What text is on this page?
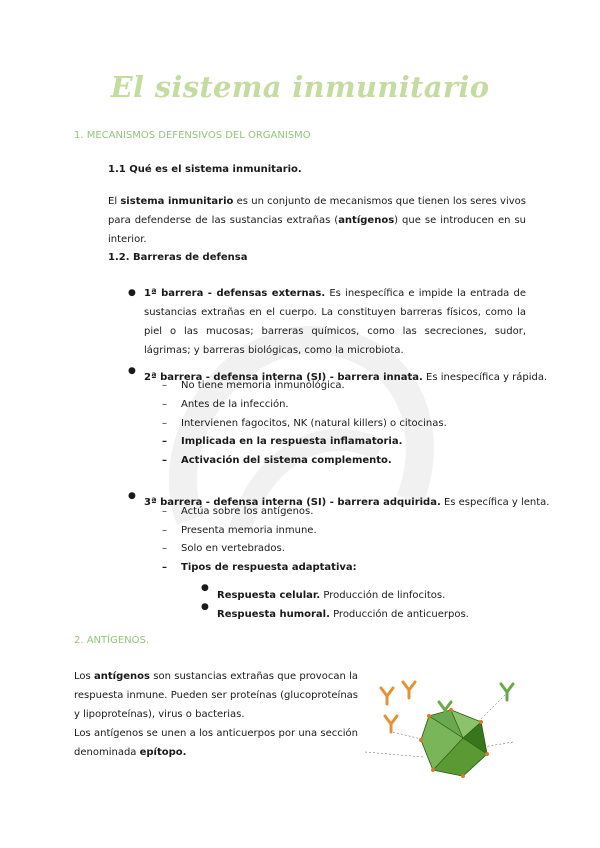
El sistema inmunitario

1. MECANISMOS DEFENSIVOS DEL ORGANISMO

1.1 Qué es el sistema inmunitario.

El sistema inmunitario es un conjunto de mecanismos que tienen los seres vivos para defenderse de las sustancias extrañas (antígenos) que se introducen en su interior.

1.2. Barreras de defensa

● 1ª barrera - defensas externas. Es inespecífica e impide la entrada de sustancias extrañas en el cuerpo. La constituyen barreras físicos, como la piel o las mucosas; barreras químicos, como las secreciones, sudor, lágrimas; y barreras biológicas, como la microbiota.

●

2ª barrera - defensa interna (SI) - barrera innata. Es inespecífica y rápida.

– No tiene memoria inmunológica.
– Antes de la infección.
– Intervienen fagocitos, NK (natural killers) o citocinas.
– Implicada en la respuesta inflamatoria.
– Activación del sistema complemento.
●

3ª barrera - defensa interna (SI) - barrera adquirida. Es específica y lenta.

– Actúa sobre los antígenos.
– Presenta memoria inmune.
– Solo en vertebrados.
– Tipos de respuesta adaptativa:
●

Respuesta celular. Producción de linfocitos.

●

Respuesta humoral. Producción de anticuerpos.

2. ANTÍGENOS.

Los antígenos son sustancias extrañas que provocan la respuesta inmune. Pueden ser proteínas (glucoproteínas y lipoproteínas), virus o bacterias.

Los antígenos se unen a los anticuerpos por una sección denominada epítopo.
